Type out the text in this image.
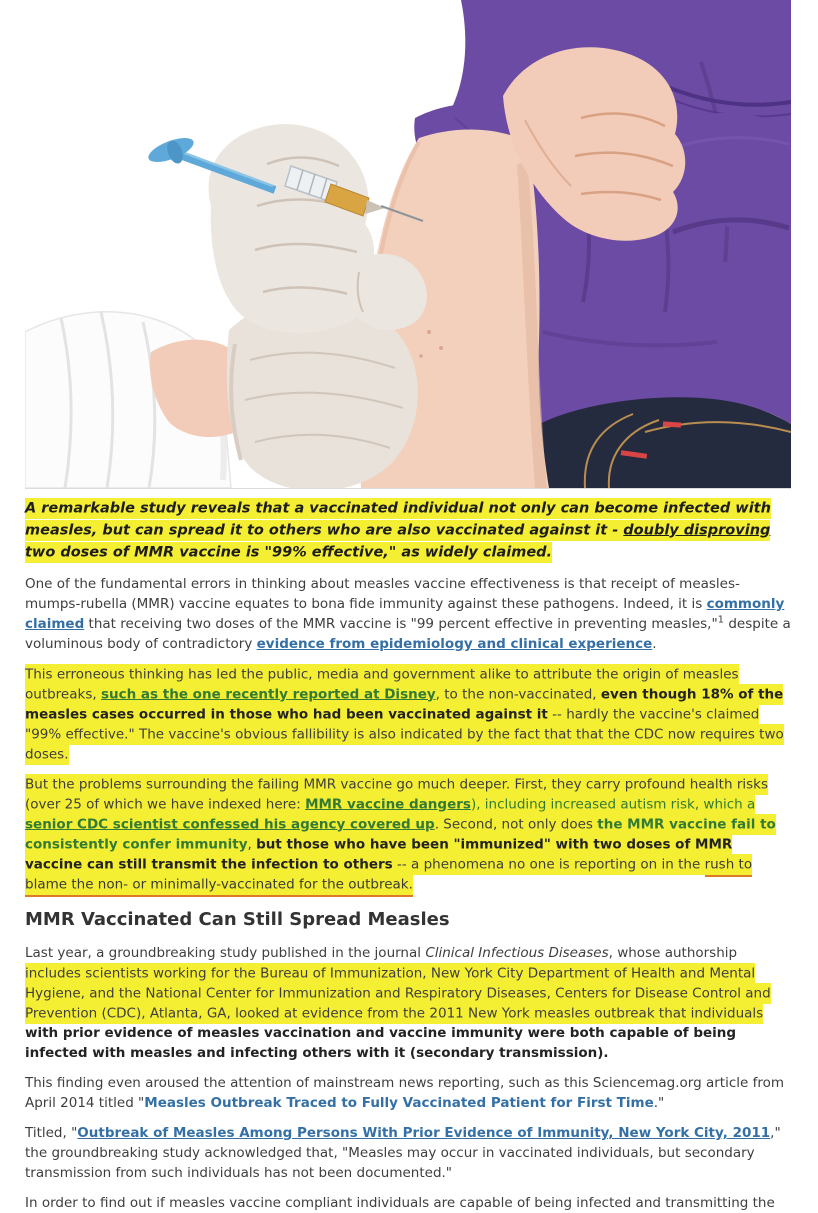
A remarkable study reveals that a vaccinated individual not only can become infected with measles, but can spread it to others who are also vaccinated against it - doubly disproving two doses of MMR vaccine is "99% effective," as widely claimed.

One of the fundamental errors in thinking about measles vaccine effectiveness is that receipt of measles-mumps-rubella (MMR) vaccine equates to bona fide immunity against these pathogens. Indeed, it is commonly claimed that receiving two doses of the MMR vaccine is "99 percent effective in preventing measles,"$^1$ despite a voluminous body of contradictory evidence from epidemiology and clinical experience.

This erroneous thinking has led the public, media and government alike to attribute the origin of measles outbreaks, such as the one recently reported at Disney, to the non-vaccinated, even though 18% of the measles cases occurred in those who had been vaccinated against it -- hardly the vaccine's claimed "99% effective." The vaccine's obvious fallibility is also indicated by the fact that that the CDC now requires two doses.

But the problems surrounding the failing MMR vaccine go much deeper. First, they carry profound health risks (over 25 of which we have indexed here: MMR vaccine dangers), including increased autism risk, which a senior CDC scientist confessed his agency covered up. Second, not only does the MMR vaccine fail to consistently confer immunity, but those who have been "immunized" with two doses of MMR vaccine can still transmit the infection to others -- a phenomena no one is reporting on in the rush to blame the non- or minimally-vaccinated for the outbreak.

MMR Vaccinated Can Still Spread Measles

Last year, a groundbreaking study published in the journal Clinical Infectious Diseases, whose authorship includes scientists working for the Bureau of Immunization, New York City Department of Health and Mental Hygiene, and the National Center for Immunization and Respiratory Diseases, Centers for Disease Control and Prevention (CDC), Atlanta, GA, looked at evidence from the 2011 New York measles outbreak that individuals with prior evidence of measles vaccination and vaccine immunity were both capable of being infected with measles and infecting others with it (secondary transmission).

This finding even aroused the attention of mainstream news reporting, such as this Sciencemag.org article from April 2014 titled "Measles Outbreak Traced to Fully Vaccinated Patient for First Time."

Titled, "Outbreak of Measles Among Persons With Prior Evidence of Immunity, New York City, 2011," the groundbreaking study acknowledged that, "Measles may occur in vaccinated individuals, but secondary transmission from such individuals has not been documented."

In order to find out if measles vaccine compliant individuals are capable of being infected and transmitting the
